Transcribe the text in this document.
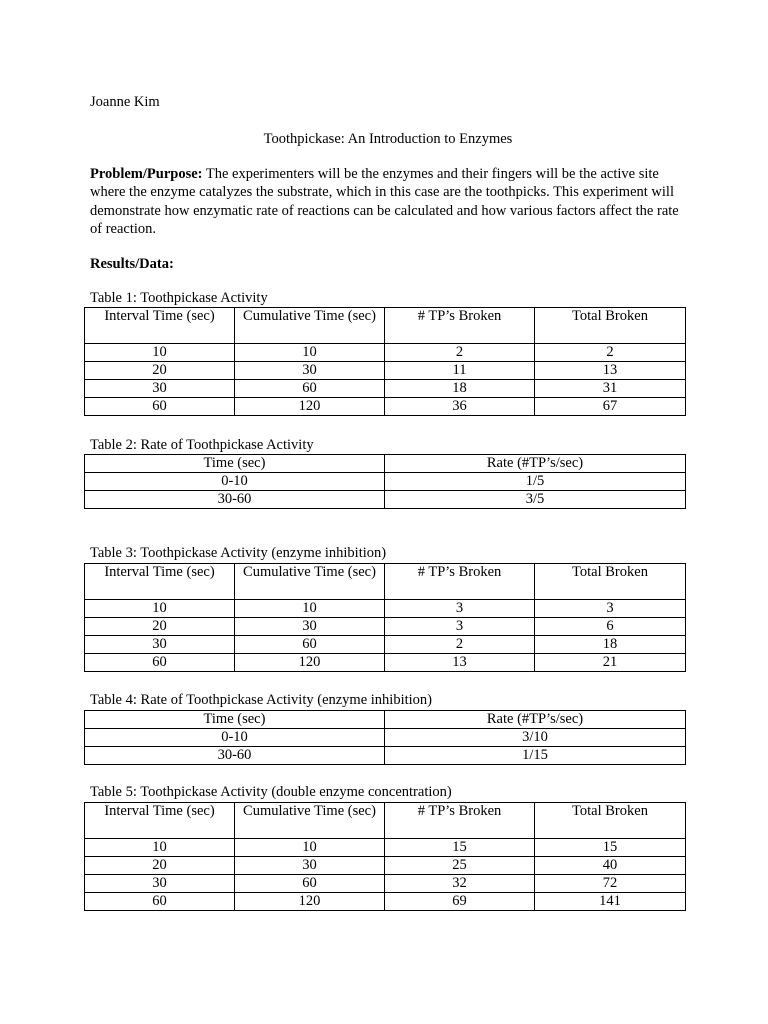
Joanne Kim
Toothpickase: An Introduction to Enzymes
Problem/Purpose: The experimenters will be the enzymes and their fingers will be the active site where the enzyme catalyzes the substrate, which in this case are the toothpicks. This experiment will demonstrate how enzymatic rate of reactions can be calculated and how various factors affect the rate of reaction.
Results/Data:
Table 1: Toothpickase Activity
Interval Time (sec)	Cumulative Time (sec)	# TP’s Broken	Total Broken

10	10	2	2
20	30	11	13
30	60	18	31
60	120	36	67
Table 2: Rate of Toothpickase Activity
Time (sec)	Rate (#TP’s/sec)
0-10	1/5
30-60	3/5
Table 3: Toothpickase Activity (enzyme inhibition)
Interval Time (sec)	Cumulative Time (sec)	# TP’s Broken	Total Broken

10	10	3	3
20	30	3	6
30	60	2	18
60	120	13	21
Table 4: Rate of Toothpickase Activity (enzyme inhibition)
Time (sec)	Rate (#TP’s/sec)
0-10	3/10
30-60	1/15
Table 5: Toothpickase Activity (double enzyme concentration)
Interval Time (sec)	Cumulative Time (sec)	# TP’s Broken	Total Broken

10	10	15	15
20	30	25	40
30	60	32	72
60	120	69	141
